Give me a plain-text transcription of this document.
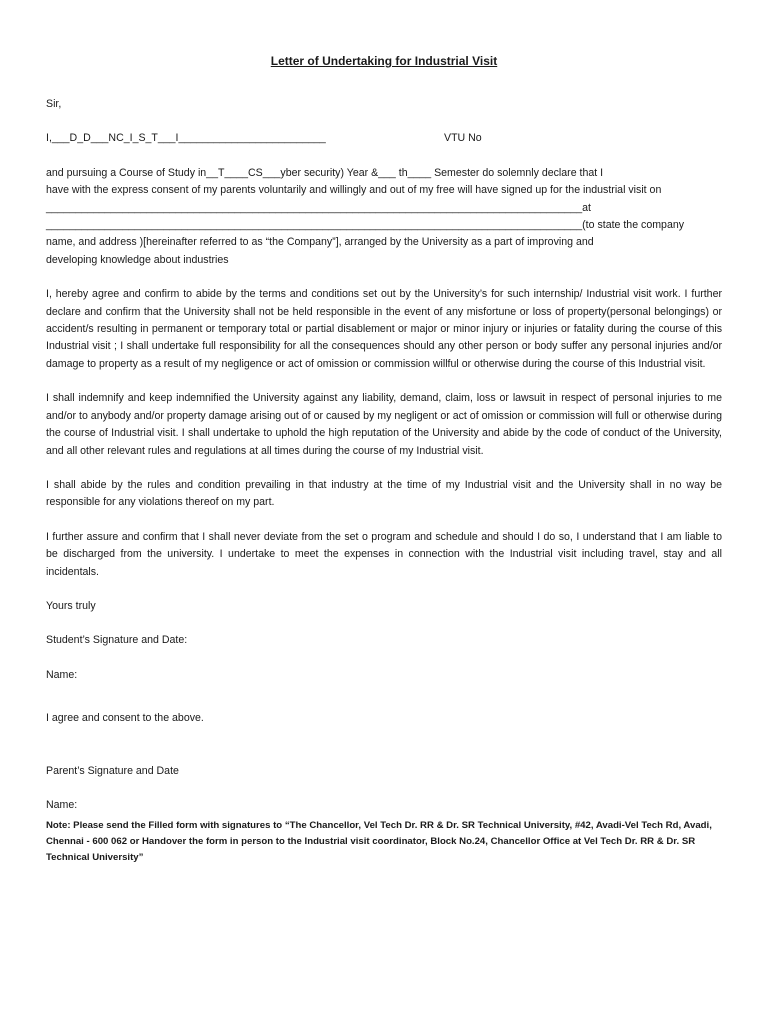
Letter of Undertaking for Industrial Visit
Sir,
I,___D_D___NC_I_S_T___I_________________________	VTU No
and pursuing a Course of Study in__T____CS___yber security) Year &___ th____ Semester do solemnly declare that I
have with the express consent of my parents voluntarily and willingly and out of my free will have signed up for the industrial visit on
___________________________________________________________________________________________at
___________________________________________________________________________________________(to state the company
name, and address )[hereinafter referred to as “the Company”], arranged by the University as a part of improving and
developing knowledge about industries

I, hereby agree and confirm to abide by the terms and conditions set out by the University’s for such internship/ Industrial visit work. I further declare and confirm that the University shall not be held responsible in the event of any misfortune or loss of property(personal belongings) or accident/s resulting in permanent or temporary total or partial disablement or major or minor injury or injuries or fatality during the course of this Industrial visit ; I shall undertake full responsibility for all the consequences should any other person or body suffer any personal injuries and/or damage to property as a result of my negligence or act of omission or commission willful or otherwise during the course of this Industrial visit.

I shall indemnify and keep indemnified the University against any liability, demand, claim, loss or lawsuit in respect of personal injuries to me and/or to anybody and/or property damage arising out of or caused by my negligent or act of omission or commission will full or otherwise during the course of Industrial visit. I shall undertake to uphold the high reputation of the University and abide by the code of conduct of the University, and all other relevant rules and regulations at all times during the course of my Industrial visit.

I shall abide by the rules and condition prevailing in that industry at the time of my Industrial visit and the University shall in no way be responsible for any violations thereof on my part.

I further assure and confirm that I shall never deviate from the set o program and schedule and should I do so, I understand that I am liable to be discharged from the university. I undertake to meet the expenses in connection with the Industrial visit including travel, stay and all incidentals.

Yours truly
Student’s Signature and Date:
Name:
I agree and consent to the above.
Parent’s Signature and Date
Name:

Note: Please send the Filled form with signatures to “The Chancellor, Vel Tech Dr. RR & Dr. SR Technical University, #42, Avadi-Vel Tech Rd, Avadi, Chennai - 600 062 or Handover the form in person to the Industrial visit coordinator, Block No.24, Chancellor Office at Vel Tech Dr. RR & Dr. SR Technical University”
